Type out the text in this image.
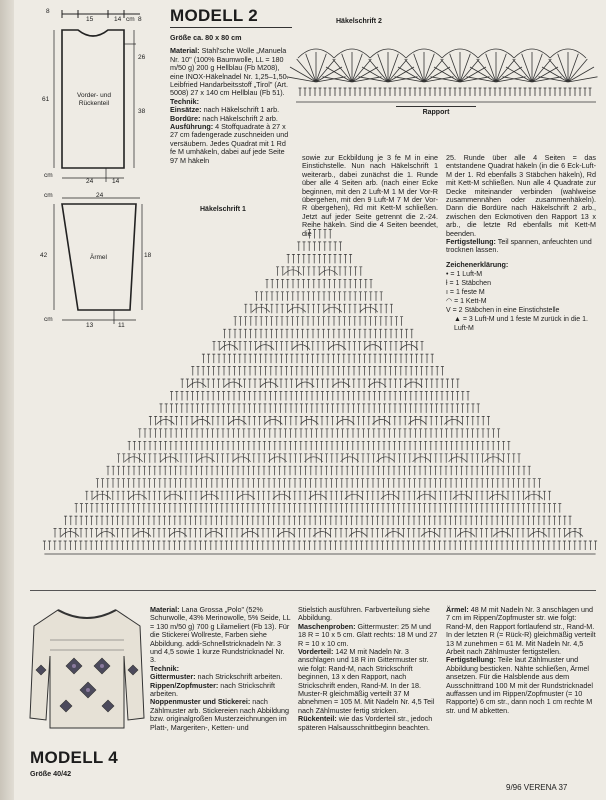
8
15	14 cm 8
61
26
38
Vorder- und Rückenteil
cm
24	14
cm	24
42	18
Ärmel
cm
13	11
MODELL 2
Größe ca. 80 x 80 cm
Material: Stahl'sche Wolle „Manuela Nr. 10" (100% Baumwolle, LL = 180 m/50 g) 200 g Hellblau (Fb M208), eine INOX-Häkelnadel Nr. 1,25–1,50. Leibfried Handarbeitsstoff „Tirol" (Art. 5008) 27 x 140 cm Hellblau (Fb 51).
Technik:
Einsätze: nach Häkelschrift 1 arb.
Bordüre: nach Häkelschrift 2 arb.
Ausführung: 4 Stoffquadrate à 27 x 27 cm fadengerade zuschneiden und versäubern. Jedes Quadrat mit 1 Rd fe M umhäkeln, dabei auf jede Seite 97 M häkeln
Häkelschrift 2
Rapport
sowie zur Eckbildung je 3 fe M in eine Einstichstelle. Nun nach Häkelschrift 1 weiterarb., dabei zunächst die 1. Runde über alle 4 Seiten arb. (nach einer Ecke beginnen, mit den 2 Luft-M 1 M der Vor-R übergehen, mit den 9 Luft-M 7 M der Vor-R übergehen), Rd mit Kett-M schließen. Jetzt auf jeder Seite getrennt die 2.-24. Reihe häkeln. Sind die 4 Seiten beendet, die
25. Runde über alle 4 Seiten = das entstandene Quadrat häkeln (in die 6 Eck-Luft-M der 1. Rd ebenfalls 3 Stäbchen häkeln), Rd mit Kett-M schließen. Nun alle 4 Quadrate zur Decke miteinander verbinden (wahlweise zusammennähen oder zusammenhäkeln). Dann die Bordüre nach Häkelschrift 2 arb., zwischen den Eckmotiven den Rapport 13 x arb., die letzte Rd ebenfalls mit Kett-M beenden.
Fertigstellung: Teil spannen, anfeuchten und trocknen lassen.
Zeichenerklärung:
• = 1 Luft-M
ƚ = 1 Stäbchen
ı = 1 feste M
◠ = 1 Kett-M
V = 2 Stäbchen in eine Einstichstelle
▲ = 3 Luft-M und 1 feste M zurück in die 1. Luft-M
Häkelschrift 1
MODELL 4
Größe 40/42
Material: Lana Grossa „Polo" (52% Schurwolle, 43% Merinowolle, 5% Seide, LL = 130 m/50 g) 700 g Lilameliert (Fb 13). Für die Stickerei Wollreste, Farben siehe Abbildung. addi-Schnellstricknadeln Nr. 3 und 4,5 sowie 1 kurze Rundstricknadel Nr. 3.
Technik:
Gittermuster: nach Strickschrift arbeiten.
Rippen/Zopfmuster: nach Strickschrift arbeiten.
Noppenmuster und Stickerei: nach Zählmuster arb. Stickereien nach Abbildung bzw. originalgroßen Musterzeichnungen im Platt-, Margeriten-, Ketten- und
Stielstich ausführen. Farbverteilung siehe Abbildung.
Maschenproben: Gittermuster: 25 M und 18 R = 10 x 5 cm. Glatt rechts: 18 M und 27 R = 10 x 10 cm.
Vorderteil: 142 M mit Nadeln Nr. 3 anschlagen und 18 R im Gittermuster str. wie folgt: Rand-M, nach Strickschrift beginnen, 13 x den Rapport, nach Strickschrift enden, Rand-M. In der 18. Muster-R gleichmäßig verteilt 37 M abnehmen = 105 M. Mit Nadeln Nr. 4,5 Teil nach Zählmuster fertig stricken.
Rückenteil: wie das Vorderteil str., jedoch späteren Halsausschnittbeginn beachten.
Ärmel: 48 M mit Nadeln Nr. 3 anschlagen und 7 cm im Rippen/Zopfmuster str. wie folgt: Rand-M, den Rapport fortlaufend str., Rand-M. In der letzten R (= Rück-R) gleichmäßig verteilt 13 M zunehmen = 61 M. Mit Nadeln Nr. 4,5 Arbeit nach Zählmuster fertigstellen.
Fertigstellung: Teile laut Zählmuster und Abbildung besticken. Nähte schließen, Ärmel ansetzen. Für die Halsblende aus dem Ausschnittrand 100 M mit der Rundstricknadel auffassen und im Rippen/Zopfmuster (= 10 Rapporte) 6 cm str., dann noch 1 cm rechte M str. und M abketten.
9/96 VERENA 37
